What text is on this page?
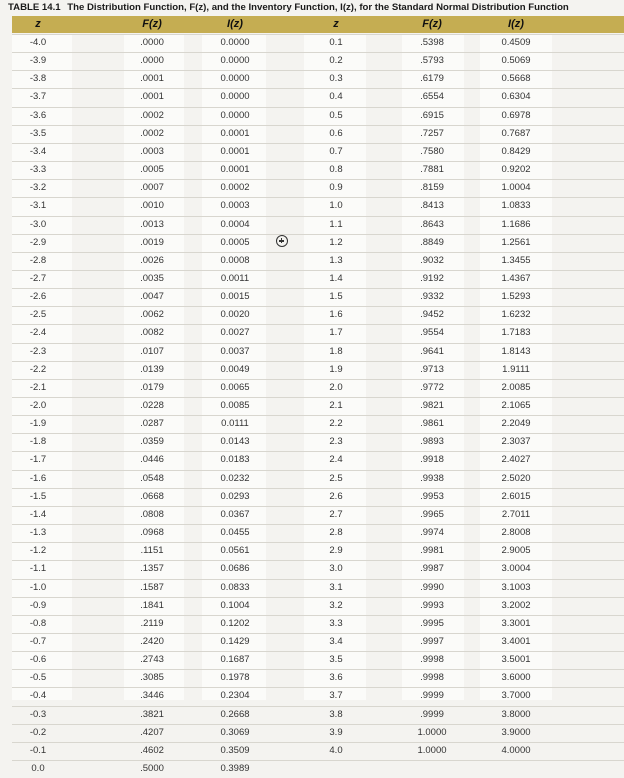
TABLE 14.1 The Distribution Function, F(z), and the Inventory Function, I(z), for the Standard Normal Distribution Function
z	F(z)	I(z)	z	F(z)	I(z)
-4.0	.0000	0.0000	0.1	.5398	0.4509
-3.9	.0000	0.0000	0.2	.5793	0.5069
-3.8	.0001	0.0000	0.3	.6179	0.5668
-3.7	.0001	0.0000	0.4	.6554	0.6304
-3.6	.0002	0.0000	0.5	.6915	0.6978
-3.5	.0002	0.0001	0.6	.7257	0.7687
-3.4	.0003	0.0001	0.7	.7580	0.8429
-3.3	.0005	0.0001	0.8	.7881	0.9202
-3.2	.0007	0.0002	0.9	.8159	1.0004
-3.1	.0010	0.0003	1.0	.8413	1.0833
-3.0	.0013	0.0004	1.1	.8643	1.1686
-2.9	.0019	0.0005	1.2	.8849	1.2561
-2.8	.0026	0.0008	1.3	.9032	1.3455
-2.7	.0035	0.0011	1.4	.9192	1.4367
-2.6	.0047	0.0015	1.5	.9332	1.5293
-2.5	.0062	0.0020	1.6	.9452	1.6232
-2.4	.0082	0.0027	1.7	.9554	1.7183
-2.3	.0107	0.0037	1.8	.9641	1.8143
-2.2	.0139	0.0049	1.9	.9713	1.9111
-2.1	.0179	0.0065	2.0	.9772	2.0085
-2.0	.0228	0.0085	2.1	.9821	2.1065
-1.9	.0287	0.0111	2.2	.9861	2.2049
-1.8	.0359	0.0143	2.3	.9893	2.3037
-1.7	.0446	0.0183	2.4	.9918	2.4027
-1.6	.0548	0.0232	2.5	.9938	2.5020
-1.5	.0668	0.0293	2.6	.9953	2.6015
-1.4	.0808	0.0367	2.7	.9965	2.7011
-1.3	.0968	0.0455	2.8	.9974	2.8008
-1.2	.1151	0.0561	2.9	.9981	2.9005
-1.1	.1357	0.0686	3.0	.9987	3.0004
-1.0	.1587	0.0833	3.1	.9990	3.1003
-0.9	.1841	0.1004	3.2	.9993	3.2002
-0.8	.2119	0.1202	3.3	.9995	3.3001
-0.7	.2420	0.1429	3.4	.9997	3.4001
-0.6	.2743	0.1687	3.5	.9998	3.5001
-0.5	.3085	0.1978	3.6	.9998	3.6000
-0.4	.3446	0.2304	3.7	.9999	3.7000
-0.3	.3821	0.2668	3.8	.9999	3.8000
-0.2	.4207	0.3069	3.9	1.0000	3.9000
-0.1	.4602	0.3509	4.0	1.0000	4.0000
0.0	.5000	0.3989
